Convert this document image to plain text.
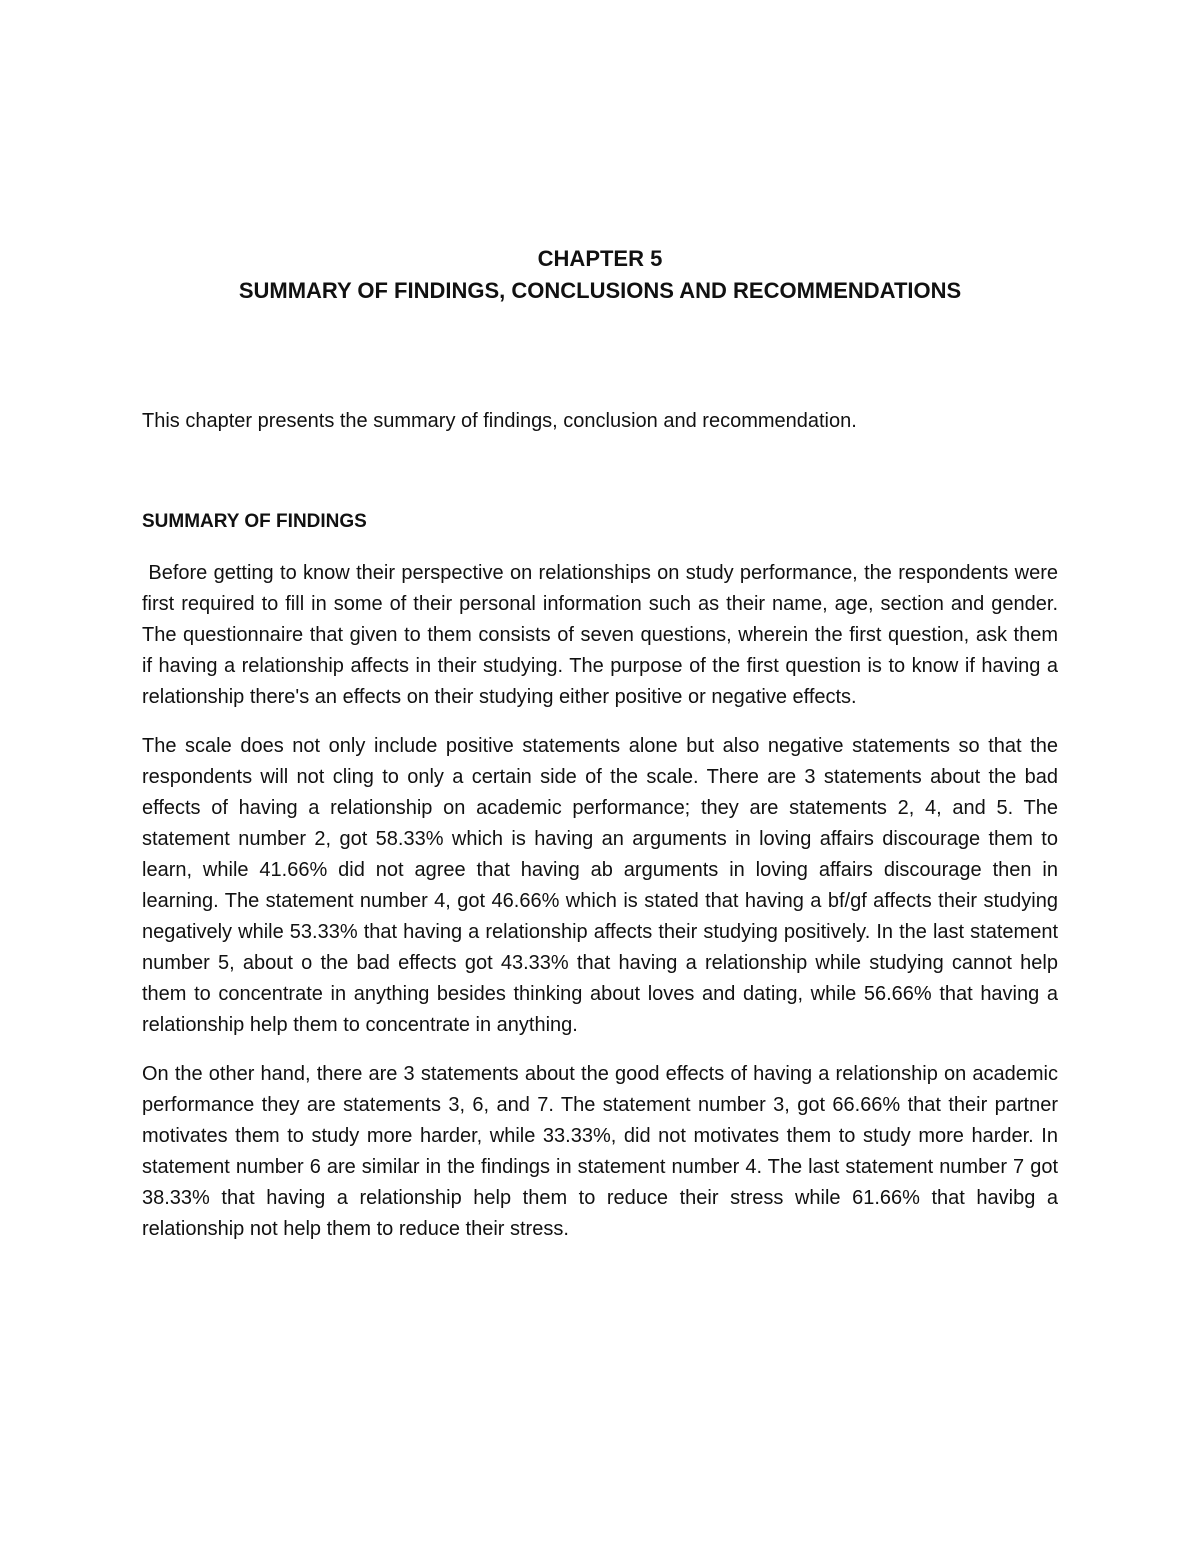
CHAPTER 5
SUMMARY OF FINDINGS, CONCLUSIONS AND RECOMMENDATIONS

This chapter presents the summary of findings, conclusion and recommendation.

SUMMARY OF FINDINGS

Before getting to know their perspective on relationships on study performance, the respondents were first required to fill in some of their personal information such as their name, age, section and gender. The questionnaire that given to them consists of seven questions, wherein the first question, ask them if having a relationship affects in their studying. The purpose of the first question is to know if having a relationship there's an effects on their studying either positive or negative effects.

The scale does not only include positive statements alone but also negative statements so that the respondents will not cling to only a certain side of the scale. There are 3 statements about the bad effects of having a relationship on academic performance; they are statements 2, 4, and 5. The statement number 2, got 58.33% which is having an arguments in loving affairs discourage them to learn, while 41.66% did not agree that having ab arguments in loving affairs discourage then in learning. The statement number 4, got 46.66% which is stated that having a bf/gf affects their studying negatively while 53.33% that having a relationship affects their studying positively. In the last statement number 5, about o the bad effects got 43.33% that having a relationship while studying cannot help them to concentrate in anything besides thinking about loves and dating, while 56.66% that having a relationship help them to concentrate in anything.

On the other hand, there are 3 statements about the good effects of having a relationship on academic performance they are statements 3, 6, and 7. The statement number 3, got 66.66% that their partner motivates them to study more harder, while 33.33%, did not motivates them to study more harder. In statement number 6 are similar in the findings in statement number 4. The last statement number 7 got 38.33% that having a relationship help them to reduce their stress while 61.66% that havibg a relationship not help them to reduce their stress.
